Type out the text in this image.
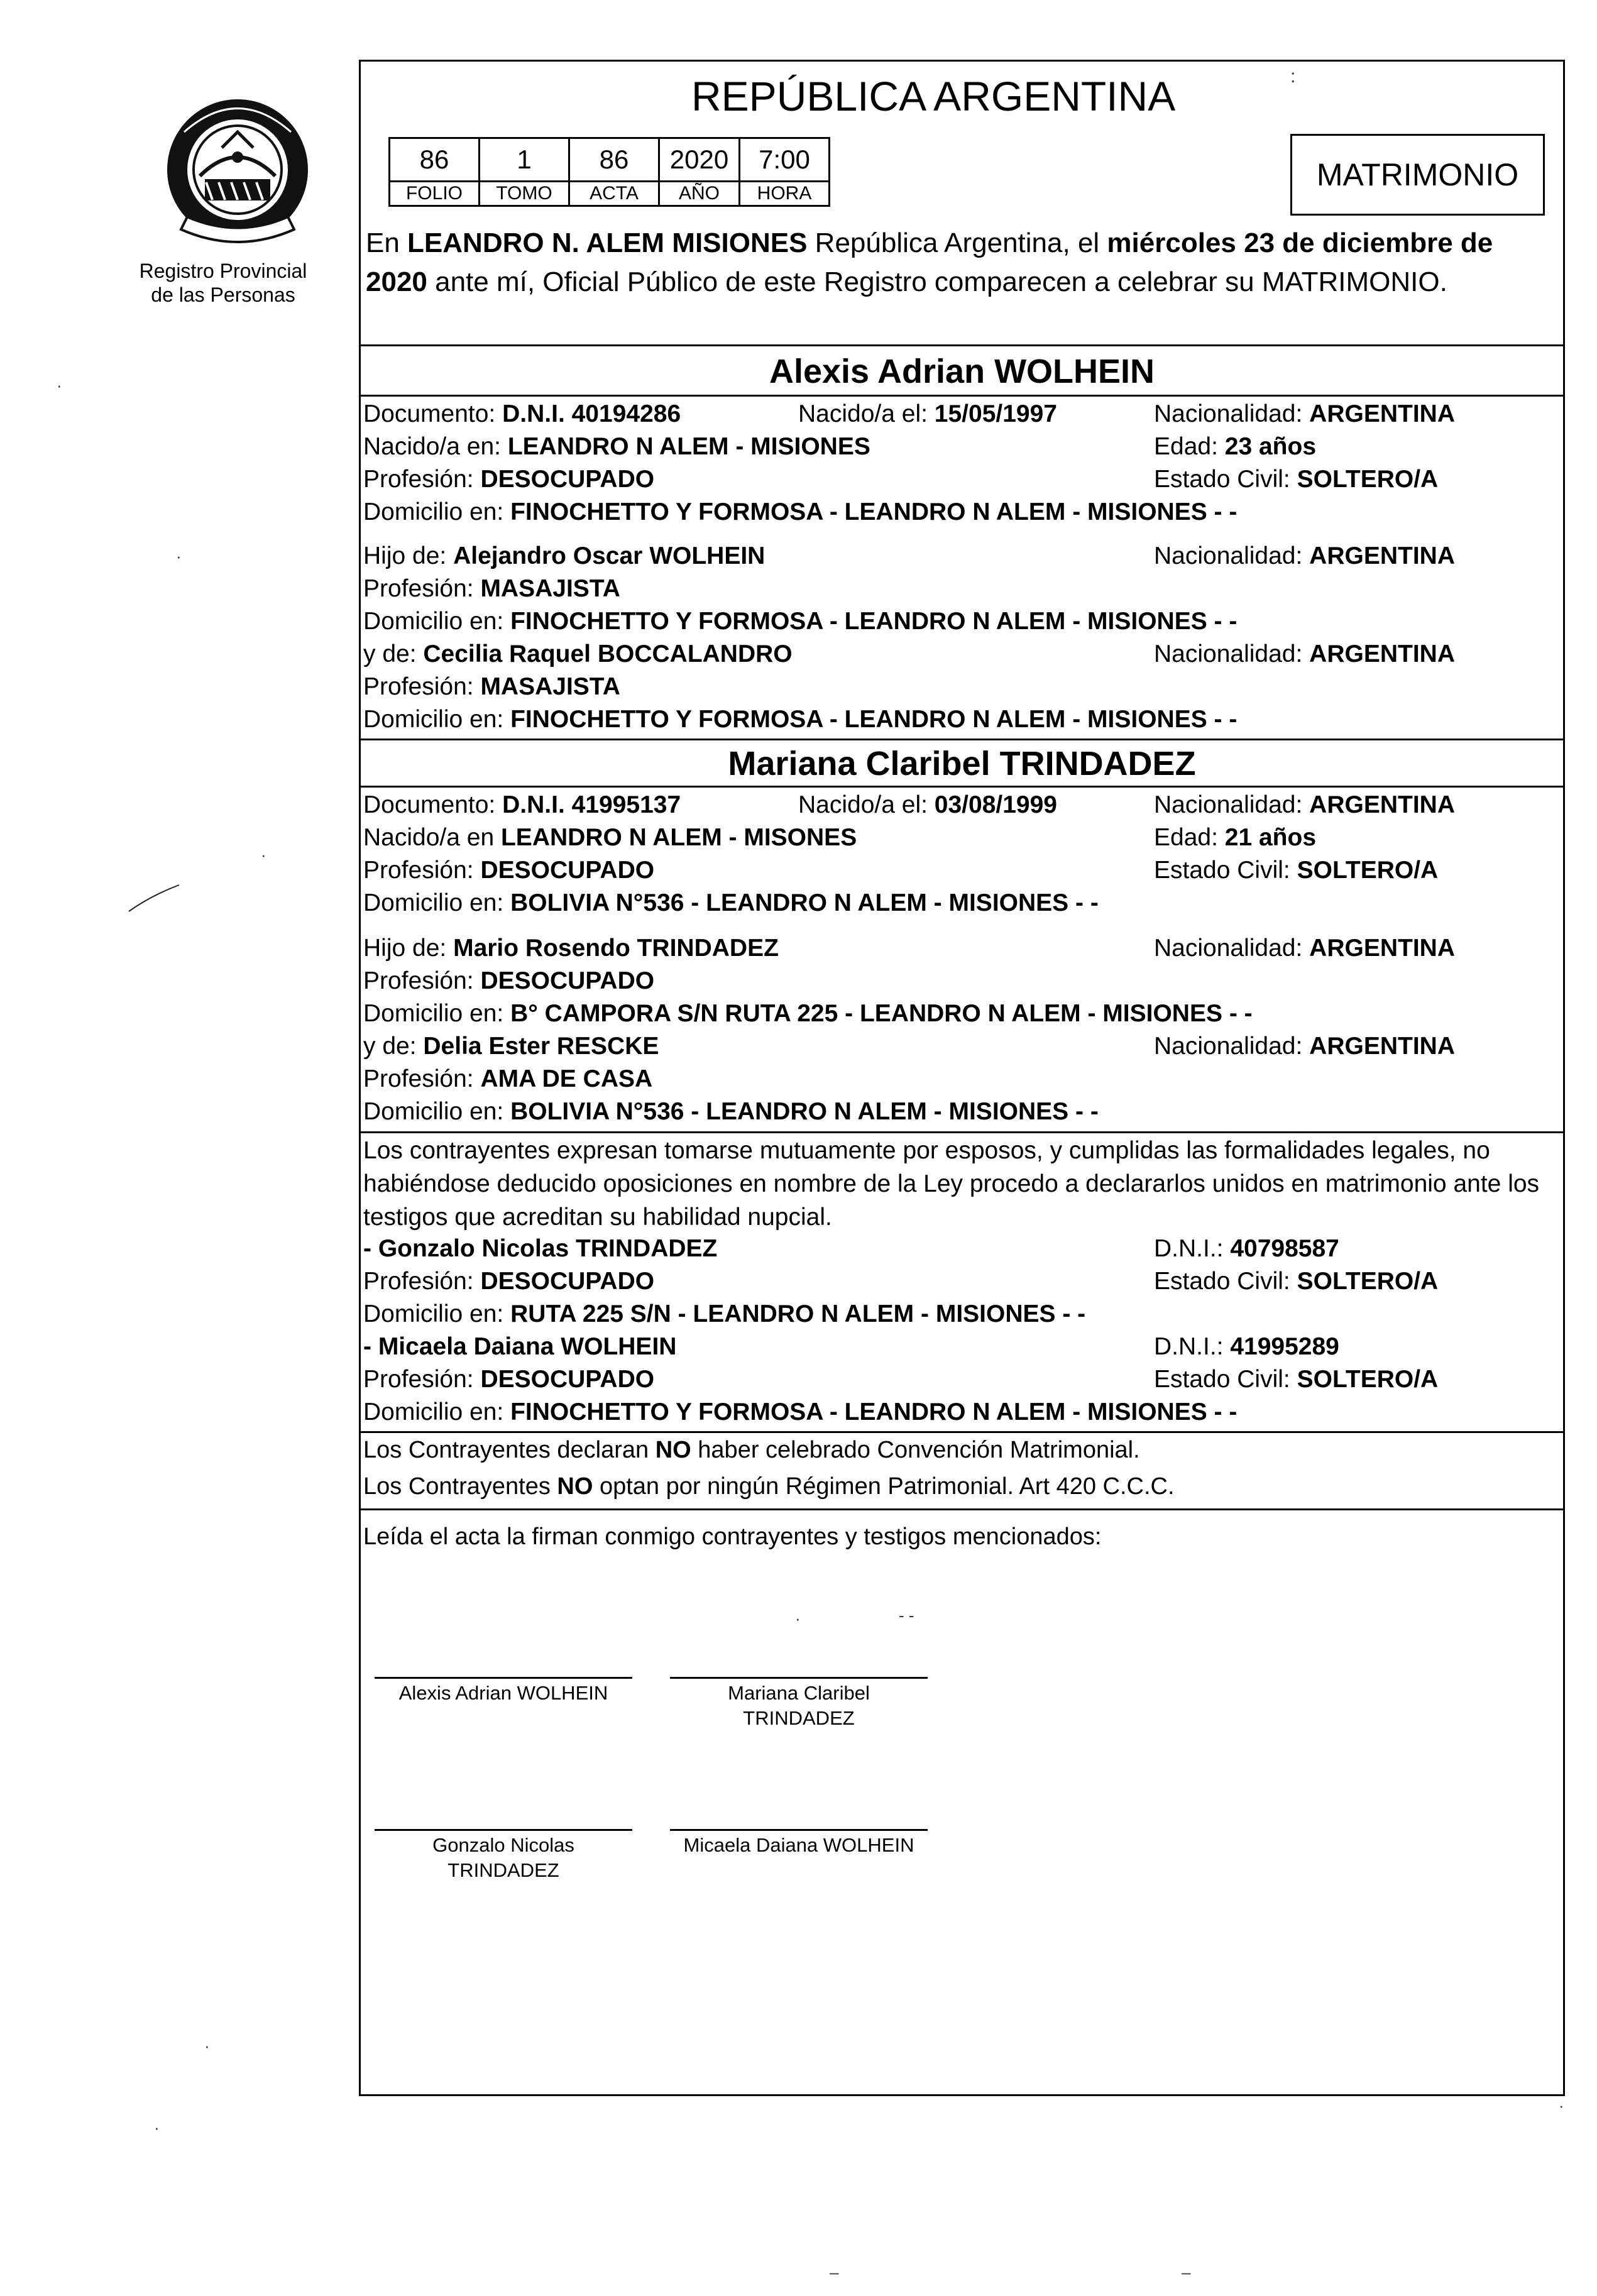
Registro Provincial
de las Personas
REPÚBLICA ARGENTINA	:
86	1	86	2020	7:00
FOLIO	TOMO	ACTA	AÑO	HORA
MATRIMONIO
En LEANDRO N. ALEM MISIONES República Argentina, el miércoles 23 de diciembre de 2020 ante mí, Oficial Público de este Registro comparecen a celebrar su MATRIMONIO.
Alexis Adrian WOLHEIN
Documento: D.N.I. 40194286	Nacido/a el: 15/05/1997	Nacionalidad: ARGENTINA
Nacido/a en: LEANDRO N ALEM - MISIONES	Edad: 23 años
Profesión: DESOCUPADO	Estado Civil: SOLTERO/A
Domicilio en: FINOCHETTO Y FORMOSA - LEANDRO N ALEM - MISIONES - -
Hijo de: Alejandro Oscar WOLHEIN	Nacionalidad: ARGENTINA
Profesión: MASAJISTA
Domicilio en: FINOCHETTO Y FORMOSA - LEANDRO N ALEM - MISIONES - -
y de: Cecilia Raquel BOCCALANDRO	Nacionalidad: ARGENTINA
Profesión: MASAJISTA
Domicilio en: FINOCHETTO Y FORMOSA - LEANDRO N ALEM - MISIONES - -
Mariana Claribel TRINDADEZ
Documento: D.N.I. 41995137	Nacido/a el: 03/08/1999	Nacionalidad: ARGENTINA
Nacido/a en LEANDRO N ALEM - MISONES	Edad: 21 años
Profesión: DESOCUPADO	Estado Civil: SOLTERO/A
Domicilio en: BOLIVIA N°536 - LEANDRO N ALEM - MISIONES - -
Hijo de: Mario Rosendo TRINDADEZ	Nacionalidad: ARGENTINA
Profesión: DESOCUPADO
Domicilio en: B° CAMPORA S/N RUTA 225 - LEANDRO N ALEM - MISIONES - -
y de: Delia Ester RESCKE	Nacionalidad: ARGENTINA
Profesión: AMA DE CASA
Domicilio en: BOLIVIA N°536 - LEANDRO N ALEM - MISIONES - -
Los contrayentes expresan tomarse mutuamente por esposos, y cumplidas las formalidades legales, no habiéndose deducido oposiciones en nombre de la Ley procedo a declararlos unidos en matrimonio ante los testigos que acreditan su habilidad nupcial.
- Gonzalo Nicolas TRINDADEZ	D.N.I.: 40798587
Profesión: DESOCUPADO	Estado Civil: SOLTERO/A
Domicilio en: RUTA 225 S/N - LEANDRO N ALEM - MISIONES - -
- Micaela Daiana WOLHEIN	D.N.I.: 41995289
Profesión: DESOCUPADO	Estado Civil: SOLTERO/A
Domicilio en: FINOCHETTO Y FORMOSA - LEANDRO N ALEM - MISIONES - -
Los Contrayentes declaran NO haber celebrado Convención Matrimonial.
Los Contrayentes NO optan por ningún Régimen Patrimonial. Art 420 C.C.C.
Leída el acta la firman conmigo contrayentes y testigos mencionados:
Alexis Adrian WOLHEIN	Mariana Claribel
TRINDADEZ
Gonzalo Nicolas
TRINDADEZ
Micaela Daiana WOLHEIN
·
·
·
·	- -
·
·
·
–	–
